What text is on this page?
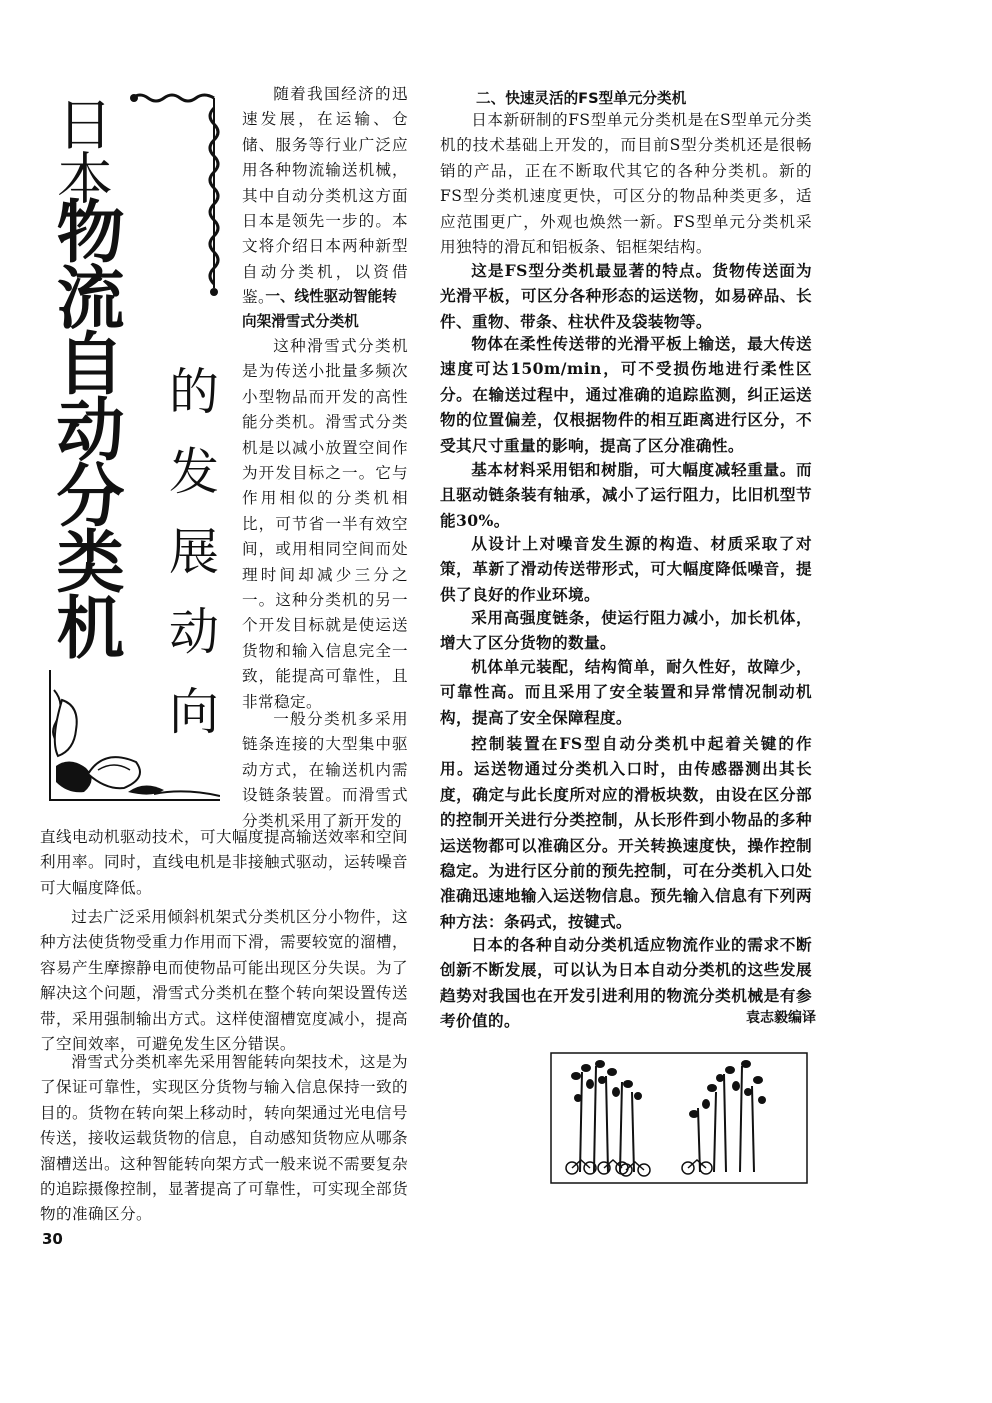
日本
物流自动分类机 的发展动向

随着我国经济的迅速发展，在运输、仓储、服务等行业广泛应用各种物流输送机械，其中自动分类机这方面日本是领先一步的。本文将介绍日本两种新型自动分类机，以资借鉴。

一、线性驱动智能转向架滑雪式分类机

这种滑雪式分类机是为传送小批量多频次小型物品而开发的高性能分类机。滑雪式分类机是以减小放置空间作为开发目标之一。它与作用相似的分类机相比，可节省一半有效空间，或用相同空间而处理时间却减少三分之一。这种分类机的另一个开发目标就是使运送货物和输入信息完全一致，能提高可靠性，且非常稳定。

一般分类机多采用链条连接的大型集中驱动方式，在输送机内需设链条装置。而滑雪式分类机采用了新开发的

直线电动机驱动技术，可大幅度提高输送效率和空间利用率。同时，直线电机是非接触式驱动，运转噪音可大幅度降低。

过去广泛采用倾斜机架式分类机区分小物件，这种方法使货物受重力作用而下滑，需要较宽的溜槽，容易产生摩擦静电而使物品可能出现区分失误。为了解决这个问题，滑雪式分类机在整个转向架设置传送带，采用强制输出方式。这样使溜槽宽度减小，提高了空间效率，可避免发生区分错误。

滑雪式分类机率先采用智能转向架技术，这是为了保证可靠性，实现区分货物与输入信息保持一致的目的。货物在转向架上移动时，转向架通过光电信号传送，接收运载货物的信息，自动感知货物应从哪条溜槽送出。这种智能转向架方式一般来说不需要复杂的追踪摄像控制，显著提高了可靠性，可实现全部货物的准确区分。

二、快速灵活的FS型单元分类机

日本新研制的FS型单元分类机是在S型单元分类机的技术基础上开发的，而目前S型分类机还是很畅销的产品，正在不断取代其它的各种分类机。新的FS型分类机速度更快，可区分的物品种类更多，适应范围更广，外观也焕然一新。FS型单元分类机采用独特的滑瓦和铝板条、铝框架结构。

这是FS型分类机最显著的特点。货物传送面为光滑平板，可区分各种形态的运送物，如易碎品、长件、重物、带条、柱状件及袋装物等。

物体在柔性传送带的光滑平板上输送，最大传送速度可达150m/min，可不受损伤地进行柔性区分。在输送过程中，通过准确的追踪监测，纠正运送物的位置偏差，仅根据物件的相互距离进行区分，不受其尺寸重量的影响，提高了区分准确性。

基本材料采用铝和树脂，可大幅度减轻重量。而且驱动链条装有轴承，减小了运行阻力，比旧机型节能30%。

从设计上对噪音发生源的构造、材质采取了对策，革新了滑动传送带形式，可大幅度降低噪音，提供了良好的作业环境。

采用高强度链条，使运行阻力减小，加长机体，增大了区分货物的数量。

机体单元装配，结构简单，耐久性好，故障少，可靠性高。而且采用了安全装置和异常情况制动机构，提高了安全保障程度。

控制装置在FS型自动分类机中起着关键的作用。运送物通过分类机入口时，由传感器测出其长度，确定与此长度所对应的滑板块数，由设在区分部的控制开关进行分类控制，从长形件到小物品的多种运送物都可以准确区分。开关转换速度快，操作控制稳定。为进行区分前的预先控制，可在分类机入口处准确迅速地输入运送物信息。预先输入信息有下列两种方法：条码式，按键式。

日本的各种自动分类机适应物流作业的需求不断创新不断发展，可以认为日本自动分类机的这些发展趋势对我国也在开发引进利用的物流分类机械是有参考价值的。	袁志毅编译

30
